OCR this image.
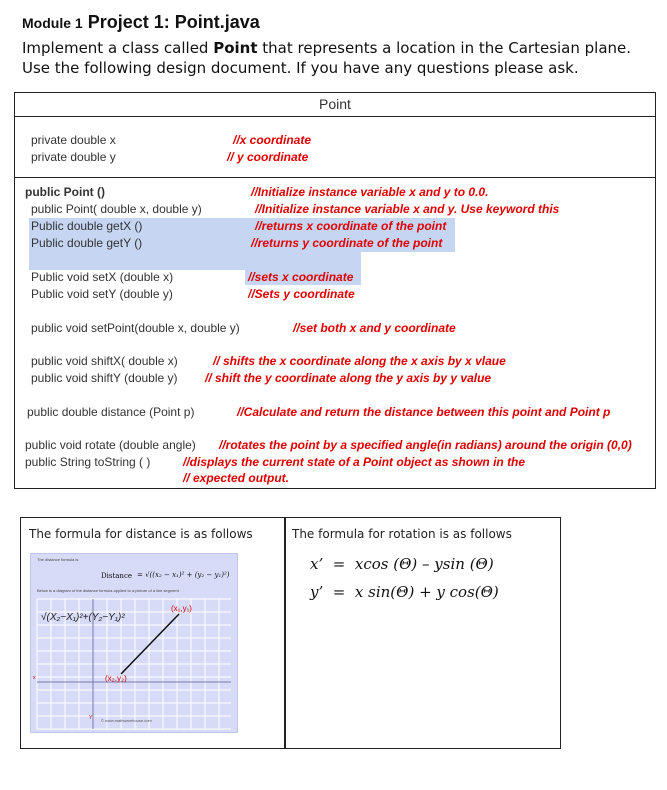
Module 1 Project 1: Point.java
Implement a class called Point that represents a location in the Cartesian plane.
Use the following design document. If you have any questions please ask.
Point
private double x	//x coordinate
private double y	// y coordinate
public Point ()	//Initialize instance variable x and y to 0.0.
public Point( double x, double y)	//Initialize instance variable x and y. Use keyword this
Public double getX ()	//returns x coordinate of the point
Public double getY ()	//returns y coordinate of the point
Public void setX (double x)	//sets x coordinate
Public void setY (double y)	//Sets y coordinate
public void setPoint(double x, double y)	//set both x and y coordinate
public void shiftX( double x)	// shifts the x coordinate along the x axis by x vlaue
public void shiftY (double y) // shift the y coordinate along the y axis by y value
public double distance (Point p)	//Calculate and return the distance between this point and Point p
public void rotate (double angle) //rotates the point by a specified angle(in radians) around the origin (0,0)
public String toString ( )	//displays the current state of a Point object as shown in the
// expected output.
The formula for distance is as follows	The formula for rotation is as follows
The distance formula is
Distance = √((x₂ − x₁)² + (y₂ − y₁)²)
Below is a diagram of the distance formula applied to a picture of a line segment
(x₁,y₁)
(x₂,y₂)
√(X₂−X₁)²+(Y₂−Y₁)²
x
Y © www.mathwarehouse.com
x’ = xcos (Θ) – ysin (Θ)
y’ = x sin(Θ) + y cos(Θ)
